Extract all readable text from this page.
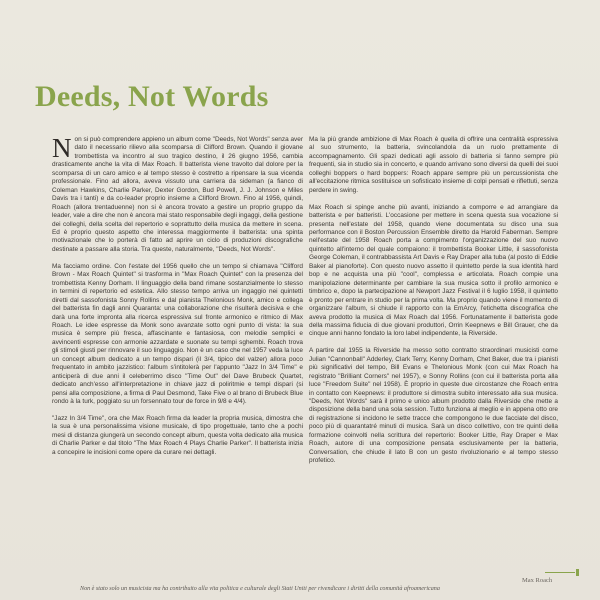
Deeds, Not Words

Non si può comprendere appieno un album come "Deeds, Not Words" senza aver dato il necessario rilievo alla scomparsa di Clifford Brown. Quando il giovane trombettista va incontro al suo tragico destino, il 26 giugno 1956, cambia drasticamente anche la vita di Max Roach. Il batterista viene travolto dal dolore per la scomparsa di un caro amico e al tempo stesso è costretto a ripensare la sua vicenda professionale. Fino ad allora, aveva vissuto una carriera da sideman (a fianco di Coleman Hawkins, Charlie Parker, Dexter Gordon, Bud Powell, J. J. Johnson e Miles Davis tra i tanti) e da co-leader proprio insieme a Clifford Brown. Fino al 1956, quindi, Roach (allora trentaduenne) non si è ancora trovato a gestire un proprio gruppo da leader, vale a dire che non è ancora mai stato responsabile degli ingaggi, della gestione dei colleghi, della scelta del repertorio e soprattutto della musica da mettere in scena. Ed è proprio questo aspetto che interessa maggiormente il batterista: una spinta motivazionale che lo porterà di fatto ad aprire un ciclo di produzioni discografiche destinate a passare alla storia. Tra queste, naturalmente, "Deeds, Not Words".

Ma facciamo ordine. Con l'estate del 1956 quello che un tempo si chiamava "Clifford Brown - Max Roach Quintet" si trasforma in "Max Roach Quintet" con la presenza del trombettista Kenny Dorham. Il linguaggio della band rimane sostanzialmente lo stesso in termini di repertorio ed estetica. Allo stesso tempo arriva un ingaggio nei quintetti diretti dal sassofonista Sonny Rollins e dal pianista Thelonious Monk, amico e collega del batterista fin dagli anni Quaranta: una collaborazione che risulterà decisiva e che darà una forte impronta alla ricerca espressiva sul fronte armonico e ritmico di Max Roach. Le idee espresse da Monk sono avanzate sotto ogni punto di vista: la sua musica è sempre più fresca, affascinante e fantasiosa, con melodie semplici e avvincenti espresse con armonie azzardate e suonate su tempi sghembi. Roach trova gli stimoli giusti per rinnovare il suo linguaggio. Non è un caso che nel 1957 veda la luce un concept album dedicato a un tempo dispari (il 3/4, tipico del valzer) allora poco frequentato in ambito jazzistico: l'album s'intitolerà per l'appunto "Jazz In 3/4 Time" e anticiperà di due anni il celeberrimo disco "Time Out" del Dave Brubeck Quartet, dedicato anch'esso all'interpretazione in chiave jazz di poliritmie e tempi dispari (si pensi alla composizione, a firma di Paul Desmond, Take Five o al brano di Brubeck Blue rondo à la turk, poggiato su un forsennato tour de force in 9/8 e 4/4).

"Jazz In 3/4 Time", ora che Max Roach firma da leader la propria musica, dimostra che la sua è una personalissima visione musicale, di tipo progettuale, tanto che a pochi mesi di distanza giungerà un secondo concept album, questa volta dedicato alla musica di Charlie Parker e dal titolo "The Max Roach 4 Plays Charlie Parker". Il batterista inizia a concepire le incisioni come opere da curare nei dettagli.

Ma la più grande ambizione di Max Roach è quella di offrire una centralità espressiva al suo strumento, la batteria, svincolandola da un ruolo prettamente di accompagnamento. Gli spazi dedicati agli assolo di batteria si fanno sempre più frequenti, sia in studio sia in concerto, e quando arrivano sono diversi da quelli dei suoi colleghi boppers o hard boppers: Roach appare sempre più un percussionista che all'eccitazione ritmica sostituisce un sofisticato insieme di colpi pensati e riflettuti, senza perdere in swing.

Max Roach si spinge anche più avanti, iniziando a comporre e ad arrangiare da batterista e per batteristi. L'occasione per mettere in scena questa sua vocazione si presenta nell'estate del 1958, quando viene documentata su disco una sua performance con il Boston Percussion Ensemble diretto da Harold Faberman. Sempre nell'estate del 1958 Roach porta a compimento l'organizzazione del suo nuovo quintetto all'interno del quale compaiono: il trombettista Booker Little, il sassofonista George Coleman, il contrabbassista Art Davis e Ray Draper alla tuba (al posto di Eddie Baker al pianoforte). Con questo nuovo assetto il quintetto perde la sua identità hard bop e ne acquista una più "cool", complessa e articolata. Roach compie una manipolazione determinante per cambiare la sua musica sotto il profilo armonico e timbrico e, dopo la partecipazione al Newport Jazz Festival il 6 luglio 1958, il quintetto è pronto per entrare in studio per la prima volta. Ma proprio quando viene il momento di organizzare l'album, si chiude il rapporto con la EmArcy, l'etichetta discografica che aveva prodotto la musica di Max Roach dal 1956. Fortunatamente il batterista gode della massima fiducia di due giovani produttori, Orrin Keepnews e Bill Grauer, che da cinque anni hanno fondato la loro label indipendente, la Riverside.

A partire dal 1955 la Riverside ha messo sotto contratto straordinari musicisti come Julian "Cannonball" Adderley, Clark Terry, Kenny Dorham, Chet Baker, due tra i pianisti più significativi del tempo, Bill Evans e Thelonious Monk (con cui Max Roach ha registrato "Brilliant Corners" nel 1957), e Sonny Rollins (con cui il batterista porta alla luce "Freedom Suite" nel 1958). È proprio in queste due circostanze che Roach entra in contatto con Keepnews: il produttore si dimostra subito interessato alla sua musica. "Deeds, Not Words" sarà il primo e unico album prodotto dalla Riverside che mette a disposizione della band una sola session. Tutto funziona al meglio e in appena otto ore di registrazione si incidono le sette tracce che compongono le due facciate del disco, poco più di quarantatré minuti di musica. Sarà un disco collettivo, con tre quinti della formazione coinvolti nella scrittura del repertorio: Booker Little, Ray Draper e Max Roach, autore di una composizione pensata esclusivamente per la batteria, Conversation, che chiude il lato B con un gesto rivoluzionario e al tempo stesso profetico.

Max Roach
Non è stato solo un musicista ma ha contribuito alla vita politica e culturale degli Stati Uniti per rivendicare i diritti della comunità afroamericana
